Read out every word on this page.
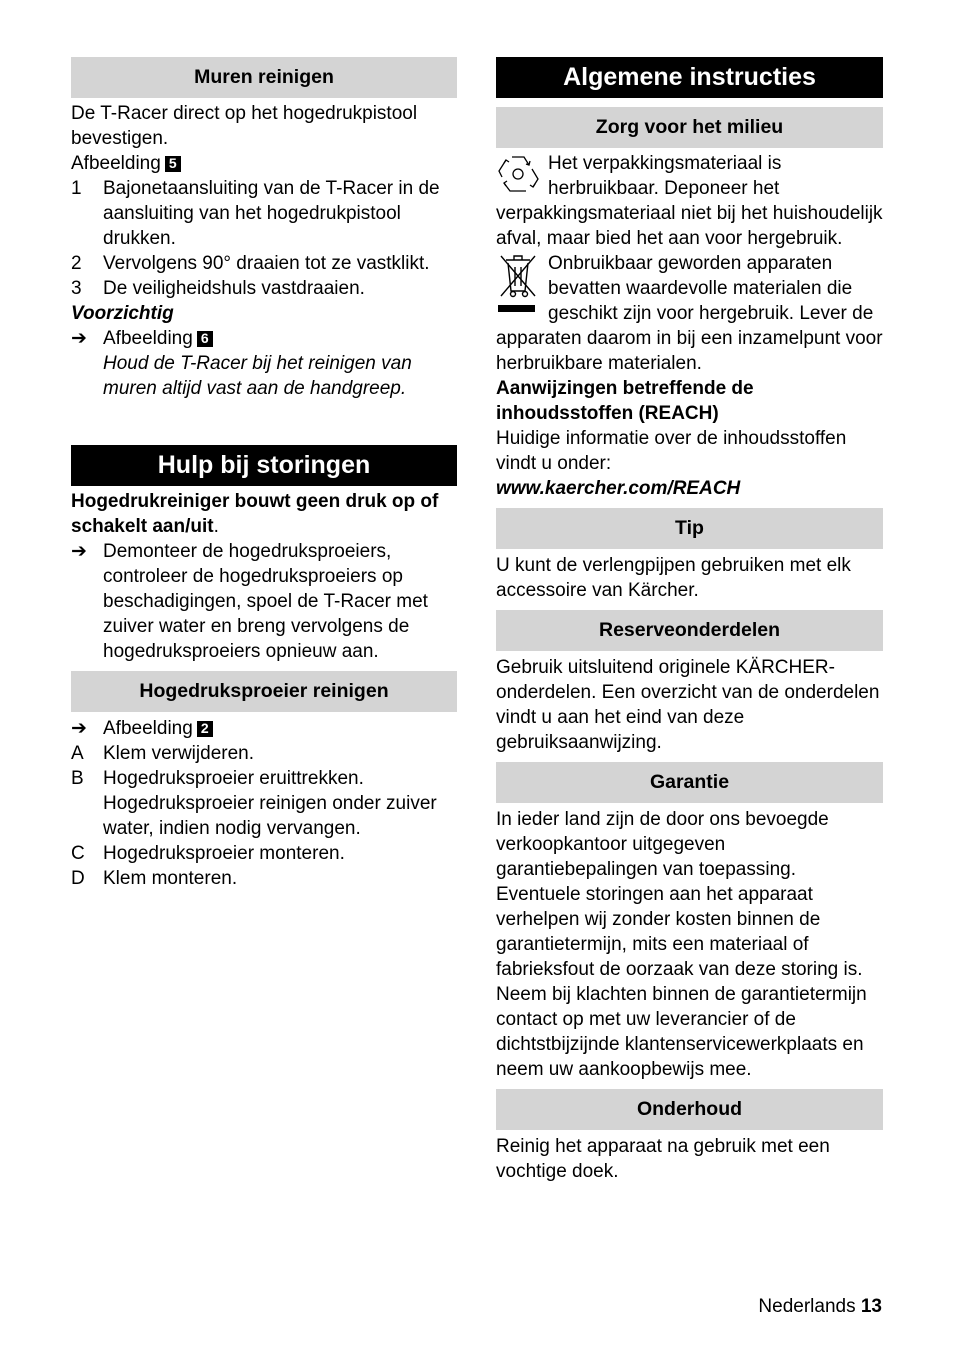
Muren reinigen

De T-Racer direct op het hogedrukpistool bevestigen.

Afbeelding 5

1	Bajonetaansluiting van de T-Racer in de aansluiting van het hogedrukpistool drukken.
2	Vervolgens 90° draaien tot ze vastklikt.
3	De veiligheidshuls vastdraaien.

Voorzichtig

➔ Afbeelding 6
Houd de T-Racer bij het reinigen van muren altijd vast aan de handgreep.
Hulp bij storingen

Hogedrukreiniger bouwt geen druk op of schakelt aan/uit.

➔ Demonteer de hogedruksproeiers, controleer de hogedruksproeiers op beschadigingen, spoel de T-Racer met zuiver water en breng vervolgens de hogedruksproeiers opnieuw aan.
Hogedruksproeier reinigen
➔ Afbeelding 2
A	Klem verwijderen.
B	Hogedruksproeier eruittrekken. Hogedruksproeier reinigen onder zuiver water, indien nodig vervangen.
C Hogedruksproeier monteren.
D Klem monteren.
Algemene instructies
Zorg voor het milieu

Het verpakkingsmateriaal is herbruikbaar. Deponeer het verpakkingsmateriaal niet bij het huishoudelijk afval, maar bied het aan voor hergebruik.

Onbruikbaar geworden apparaten bevatten waardevolle materialen die geschikt zijn voor hergebruik. Lever de apparaten daarom in bij een inzamelpunt voor herbruikbare materialen.

Aanwijzingen betreffende de inhoudsstoffen (REACH)

Huidige informatie over de inhoudsstoffen vindt u onder:

www.kaercher.com/REACH

Tip

U kunt de verlengpijpen gebruiken met elk accessoire van Kärcher.

Reserveonderdelen

Gebruik uitsluitend originele KÄRCHER-onderdelen. Een overzicht van de onderdelen vindt u aan het eind van deze gebruiksaanwijzing.

Garantie

In ieder land zijn de door ons bevoegde verkoopkantoor uitgegeven garantiebepalingen van toepassing. Eventuele storingen aan het apparaat verhelpen wij zonder kosten binnen de garantietermijn, mits een materiaal of fabrieksfout de oorzaak van deze storing is. Neem bij klachten binnen de garantietermijn contact op met uw leverancier of de dichtstbijzijnde klantenservicewerkplaats en neem uw aankoopbewijs mee.

Onderhoud

Reinig het apparaat na gebruik met een vochtige doek.

Nederlands 13
